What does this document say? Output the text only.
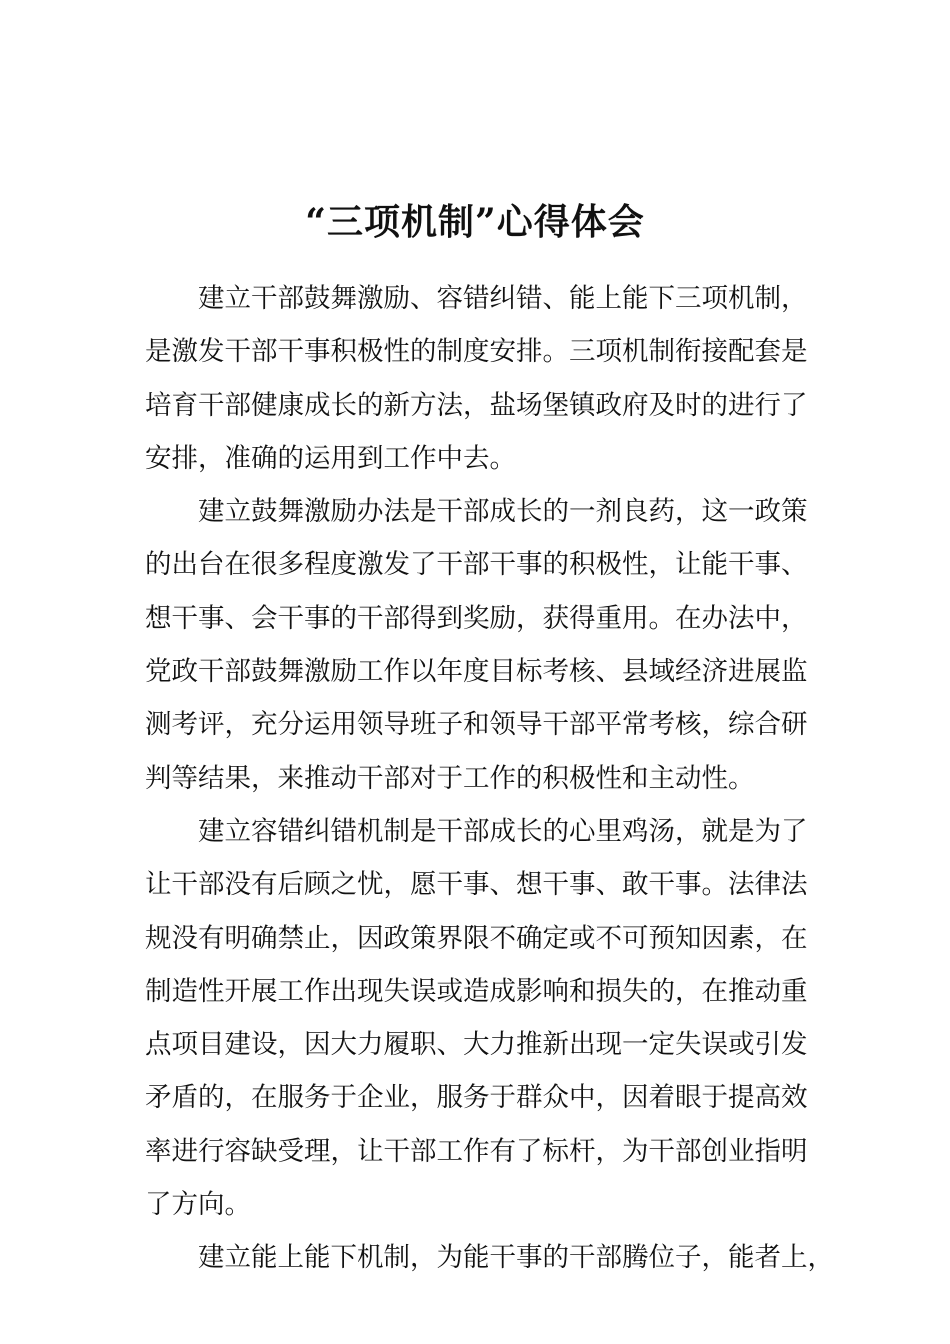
“三项机制”心得体会

建立干部鼓舞激励、容错纠错、能上能下三项机制，
是激发干部干事积极性的制度安排。三项机制衔接配套是
培育干部健康成长的新方法，盐场堡镇政府及时的进行了
安排，准确的运用到工作中去。

建立鼓舞激励办法是干部成长的一剂良药，这一政策
的出台在很多程度激发了干部干事的积极性，让能干事、
想干事、会干事的干部得到奖励，获得重用。在办法中，
党政干部鼓舞激励工作以年度目标考核、县域经济进展监
测考评，充分运用领导班子和领导干部平常考核，综合研
判等结果，来推动干部对于工作的积极性和主动性。

建立容错纠错机制是干部成长的心里鸡汤，就是为了
让干部没有后顾之忧，愿干事、想干事、敢干事。法律法
规没有明确禁止，因政策界限不确定或不可预知因素，在
制造性开展工作出现失误或造成影响和损失的，在推动重
点项目建设，因大力履职、大力推新出现一定失误或引发
矛盾的，在服务于企业，服务于群众中，因着眼于提高效
率进行容缺受理，让干部工作有了标杆，为干部创业指明
了方向。

建立能上能下机制，为能干事的干部腾位子，能者上，
